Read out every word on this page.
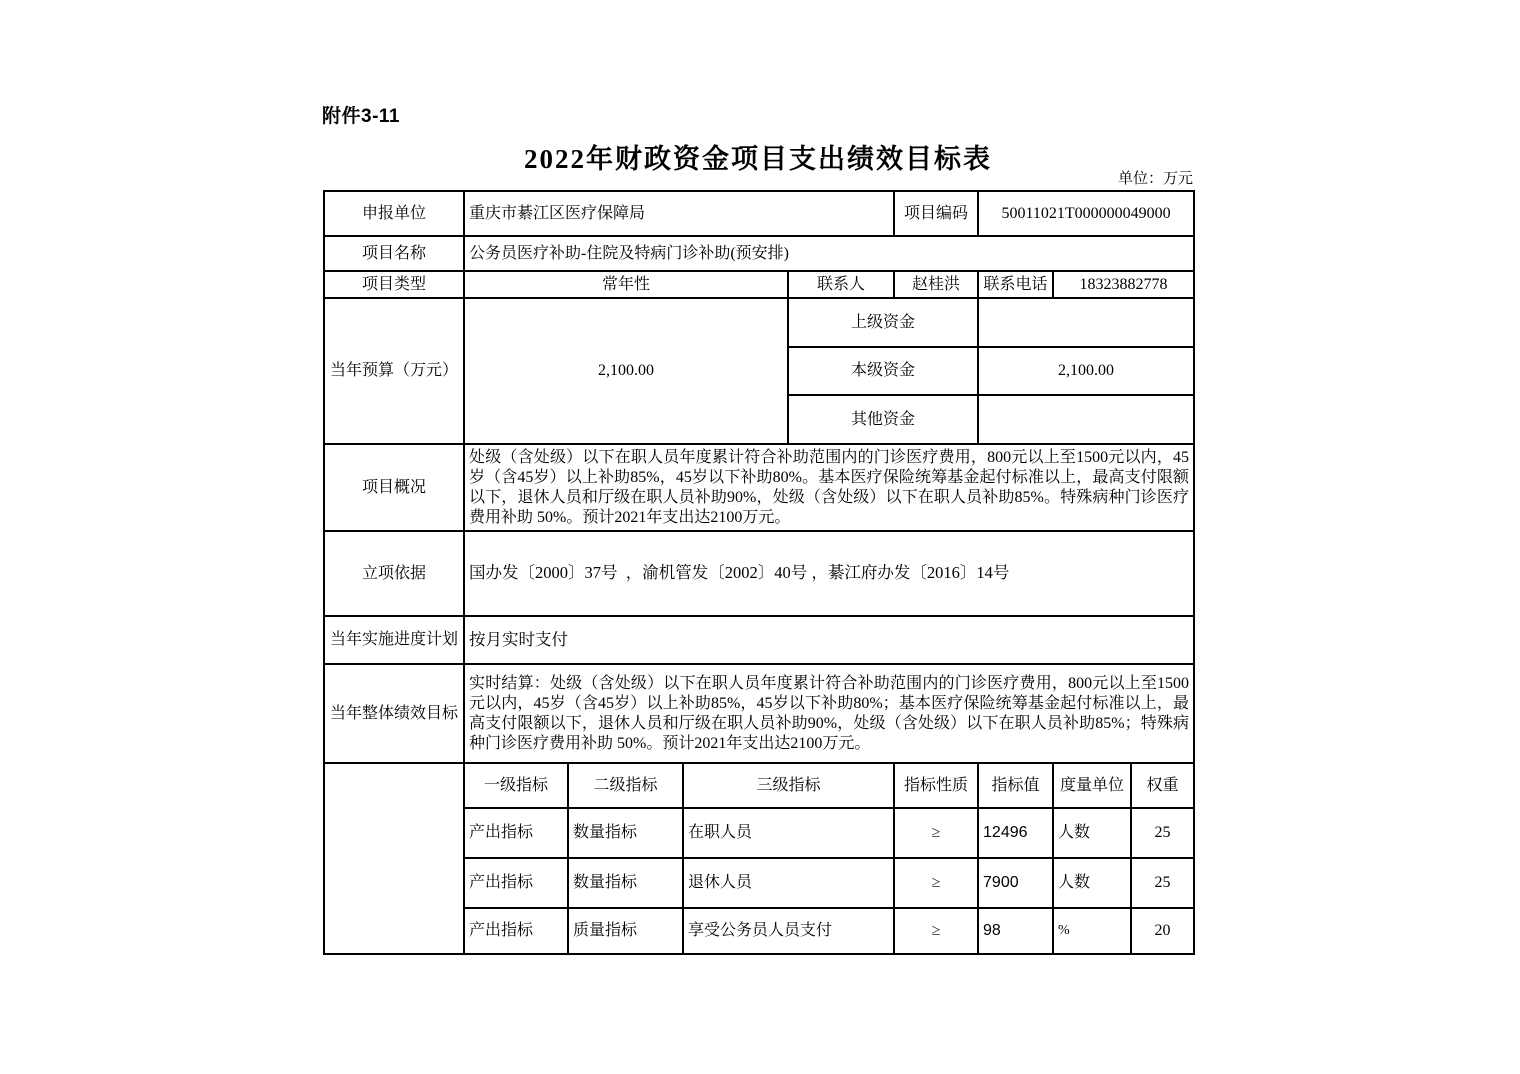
附件3-11
2022年财政资金项目支出绩效目标表
单位：万元
申报单位	重庆市綦江区医疗保障局				项目编码	50011021T000000049000		
项目名称	公务员医疗补助-住院及特病门诊补助(预安排)							
项目类型	常年性			联系人	赵桂洪	联系电话	18323882778	
当年预算（万元）	2,100.00			上级资金				
				本级资金		2,100.00		
				其他资金				
项目概况	处级（含处级）以下在职人员年度累计符合补助范围内的门诊医疗费用，800元以上至1500元以内，45岁（含45岁）以上补助85%，45岁以下补助80%。基本医疗保险统筹基金起付标准以上，最高支付限额以下，退休人员和厅级在职人员补助90%，处级（含处级）以下在职人员补助85%。特殊病种门诊医疗费用补助 50%。预计2021年支出达2100万元。							
立项依据	国办发〔2000〕37号  ，渝机管发〔2002〕40号 ，綦江府办发〔2016〕14号							
当年实施进度计划	按月实时支付							
当年整体绩效目标	实时结算：处级（含处级）以下在职人员年度累计符合补助范围内的门诊医疗费用，800元以上至1500元以内，45岁（含45岁）以上补助85%，45岁以下补助80%；基本医疗保险统筹基金起付标准以上，最高支付限额以下，退休人员和厅级在职人员补助90%，处级（含处级）以下在职人员补助85%；特殊病种门诊医疗费用补助 50%。预计2021年支出达2100万元。							
	一级指标	二级指标	三级指标		指标性质	指标值	度量单位	权重
	产出指标	数量指标	在职人员		≥	12496	人数	25
	产出指标	数量指标	退休人员		≥	7900	人数	25
	产出指标	质量指标	享受公务员人员支付		≥	98	%	20
